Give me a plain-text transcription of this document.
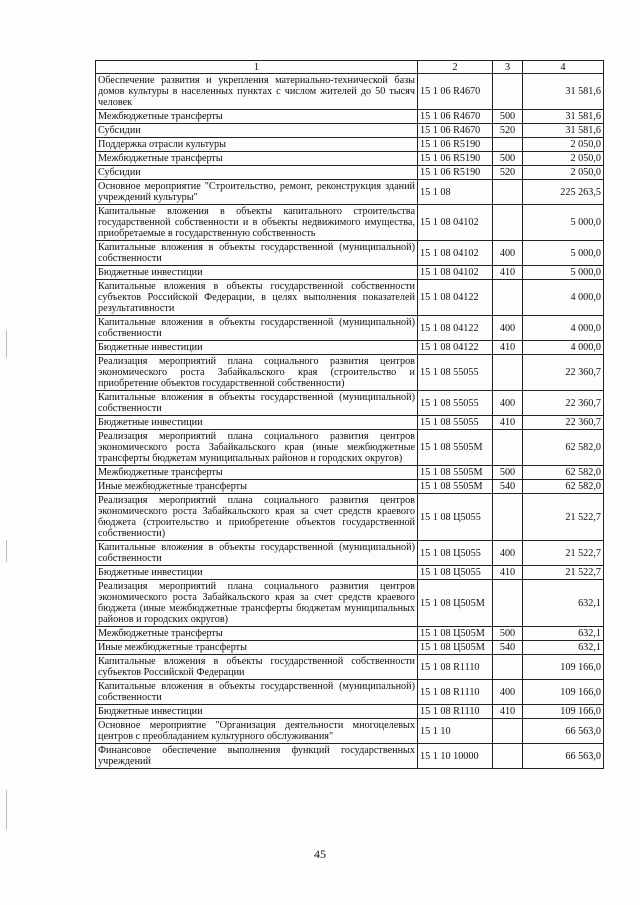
1	2	3	4
Обеспечение развития и укрепления материально-технической базы домов культуры в населенных пунктах с числом жителей до 50 тысяч человек	15 1 06 R4670		31 581,6
Межбюджетные трансферты	15 1 06 R4670	500	31 581,6
Субсидии	15 1 06 R4670	520	31 581,6
Поддержка отрасли культуры	15 1 06 R5190		2 050,0
Межбюджетные трансферты	15 1 06 R5190	500	2 050,0
Субсидии	15 1 06 R5190	520	2 050,0
Основное мероприятие "Строительство, ремонт, реконструкция зданий учреждений культуры"	15 1 08		225 263,5
Капитальные вложения в объекты капитального строительства государственной собственности и в объекты недвижимого имущества, приобретаемые в государственную собственность	15 1 08 04102		5 000,0
Капитальные вложения в объекты государственной (муниципальной) собственности	15 1 08 04102	400	5 000,0
Бюджетные инвестиции	15 1 08 04102	410	5 000,0
Капитальные вложения в объекты государственной собственности субъектов Российской Федерации, в целях выполнения показателей результативности	15 1 08 04122		4 000,0
Капитальные вложения в объекты государственной (муниципальной) собственности	15 1 08 04122	400	4 000,0
Бюджетные инвестиции	15 1 08 04122	410	4 000,0
Реализация мероприятий плана социального развития центров экономического роста Забайкальского края (строительство и приобретение объектов государственной собственности)	15 1 08 55055		22 360,7
Капитальные вложения в объекты государственной (муниципальной) собственности	15 1 08 55055	400	22 360,7
Бюджетные инвестиции	15 1 08 55055	410	22 360,7
Реализация мероприятий плана социального развития центров экономического роста Забайкальского края (иные межбюджетные трансферты бюджетам муниципальных районов и городских округов)	15 1 08 5505М		62 582,0
Межбюджетные трансферты	15 1 08 5505М	500	62 582,0
Иные межбюджетные трансферты	15 1 08 5505М	540	62 582,0
Реализация мероприятий плана социального развития центров экономического роста Забайкальского края за счет средств краевого бюджета (строительство и приобретение объектов государственной собственности)	15 1 08 Ц5055		21 522,7
Капитальные вложения в объекты государственной (муниципальной) собственности	15 1 08 Ц5055	400	21 522,7
Бюджетные инвестиции	15 1 08 Ц5055	410	21 522,7
Реализация мероприятий плана социального развития центров экономического роста Забайкальского края за счет средств краевого бюджета (иные межбюджетные трансферты бюджетам муниципальных районов и городских округов)	15 1 08 Ц505М		632,1
Межбюджетные трансферты	15 1 08 Ц505М	500	632,1
Иные межбюджетные трансферты	15 1 08 Ц505М	540	632,1
Капитальные вложения в объекты государственной собственности субъектов Российской Федерации	15 1 08 R1110		109 166,0
Капитальные вложения в объекты государственной (муниципальной) собственности	15 1 08 R1110	400	109 166,0
Бюджетные инвестиции	15 1 08 R1110	410	109 166,0
Основное мероприятие "Организация деятельности многоцелевых центров с преобладанием культурного обслуживания"	15 1 10		66 563,0
Финансовое обеспечение выполнения функций государственных учреждений	15 1 10 10000		66 563,0
45
